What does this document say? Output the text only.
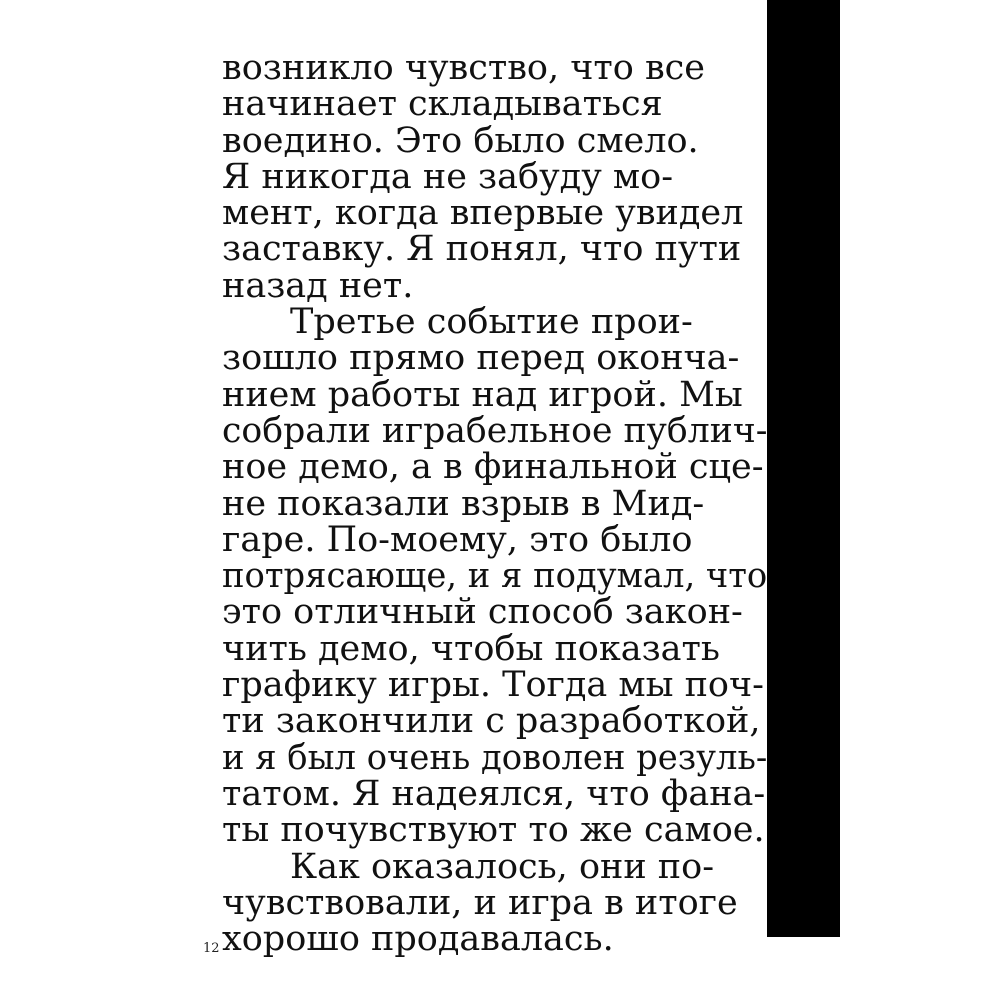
возникло чувство, что все
начинает складываться
воедино. Это было смело.
Я никогда не забуду мо-
мент, когда впервые увидел
заставку. Я понял, что пути
назад нет.
Третье событие прои-
зошло прямо перед оконча-
нием работы над игрой. Мы
собрали играбельное публич-
ное демо, а в финальной сце-
не показали взрыв в Мид-
гаре. По-моему, это было
потрясающе, и я подумал, что
это отличный способ закон-
чить демо, чтобы показать
графику игры. Тогда мы поч-
ти закончили с разработкой,
и я был очень доволен резуль-
татом. Я надеялся, что фана-
ты почувствуют то же самое.
Как оказалось, они по-
чувствовали, и игра в итоге
хорошо продавалась.
12
